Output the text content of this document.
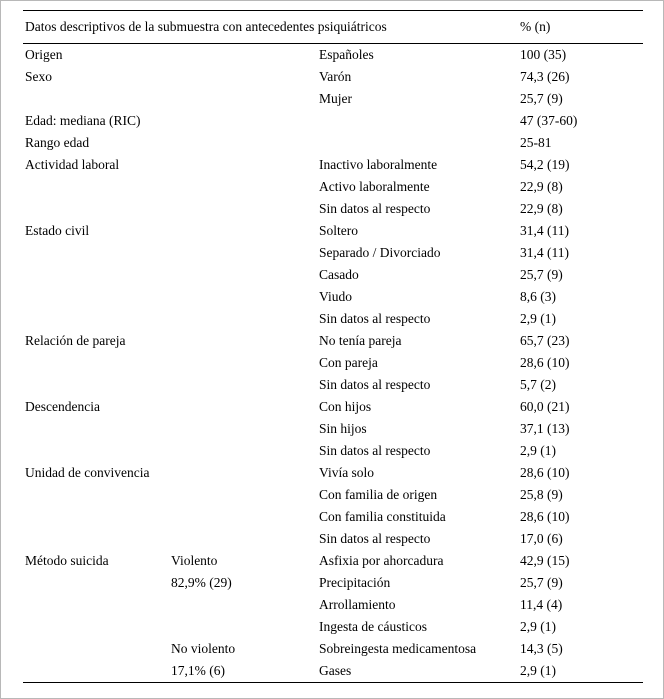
Datos descriptivos de la submuestra con antecedentes psiquiátricos			% (n)
Origen		Españoles	100 (35)
Sexo		Varón	74,3 (26)
		Mujer	25,7 (9)
Edad: mediana (RIC)			47 (37-60)
Rango edad			25-81
Actividad laboral		Inactivo laboralmente	54,2 (19)
		Activo laboralmente	22,9 (8)
		Sin datos al respecto	22,9 (8)
Estado civil		Soltero	31,4 (11)
		Separado / Divorciado	31,4 (11)
		Casado	25,7 (9)
		Viudo	8,6 (3)
		Sin datos al respecto	2,9 (1)
Relación de pareja		No tenía pareja	65,7 (23)
		Con pareja	28,6 (10)
		Sin datos al respecto	5,7 (2)
Descendencia		Con hijos	60,0 (21)
		Sin hijos	37,1 (13)
		Sin datos al respecto	2,9 (1)
Unidad de convivencia		Vivía solo	28,6 (10)
		Con familia de origen	25,8 (9)
		Con familia constituida	28,6 (10)
		Sin datos al respecto	17,0 (6)
Método suicida	Violento	Asfixia por ahorcadura	42,9 (15)
	82,9% (29)	Precipitación	25,7 (9)
		Arrollamiento	11,4 (4)
		Ingesta de cáusticos	2,9 (1)
	No violento	Sobreingesta medicamentosa	14,3 (5)
	17,1% (6)	Gases	2,9 (1)
